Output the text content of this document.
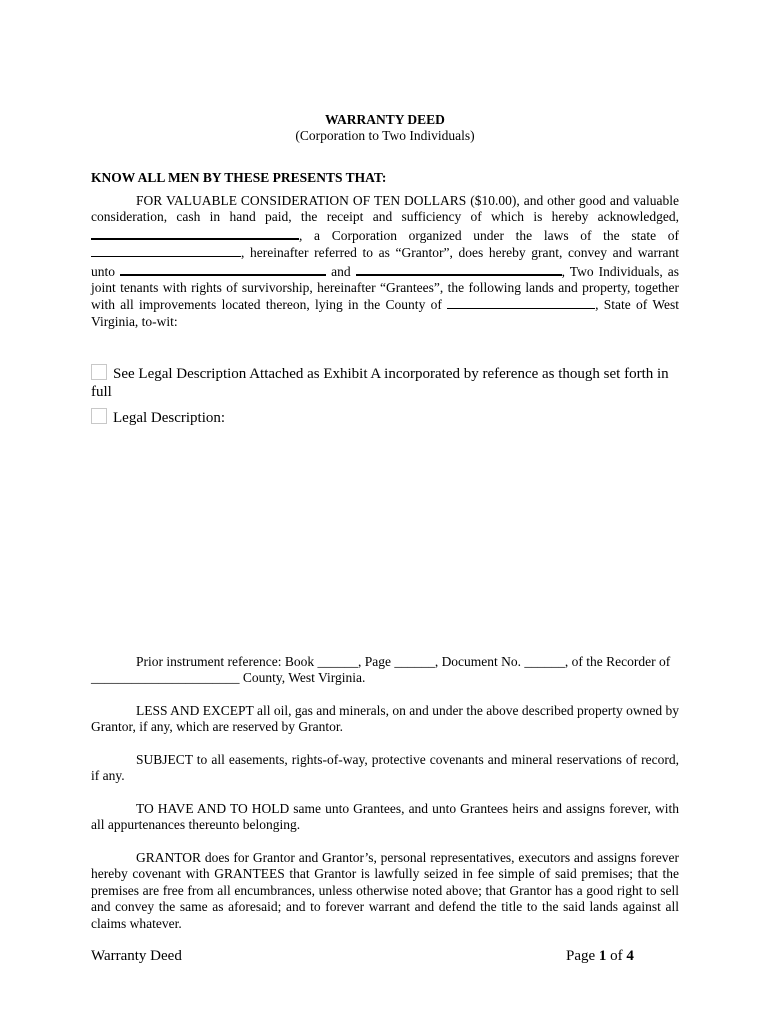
WARRANTY DEED
(Corporation to Two Individuals)
KNOW ALL MEN BY THESE PRESENTS THAT:
FOR VALUABLE CONSIDERATION OF TEN DOLLARS ($10.00), and other good and valuable consideration, cash in hand paid, the receipt and sufficiency of which is hereby acknowledged, , a Corporation organized under the laws of the state of , hereinafter referred to as “Grantor”, does hereby grant, convey and warrant unto	and	, Two Individuals, as joint tenants with rights of survivorship, hereinafter “Grantees”, the following lands and property, together with all improvements located thereon, lying in the County of	, State of West Virginia, to-wit:
See Legal Description Attached as Exhibit A incorporated by reference as though set forth in full
Legal Description:
Prior instrument reference: Book ______, Page ______, Document No. ______, of the Recorder of
______________________ County, West Virginia.
LESS AND EXCEPT all oil, gas and minerals, on and under the above described property owned by Grantor, if any, which are reserved by Grantor.
SUBJECT to all easements, rights-of-way, protective covenants and mineral reservations of record, if any.
TO HAVE AND TO HOLD same unto Grantees, and unto Grantees heirs and assigns forever, with all appurtenances thereunto belonging.
GRANTOR does for Grantor and Grantor’s, personal representatives, executors and assigns forever hereby covenant with GRANTEES that Grantor is lawfully seized in fee simple of said premises; that the premises are free from all encumbrances, unless otherwise noted above; that Grantor has a good right to sell and convey the same as aforesaid; and to forever warrant and defend the title to the said lands against all claims whatever.
Warranty Deed	Page 1 of 4
